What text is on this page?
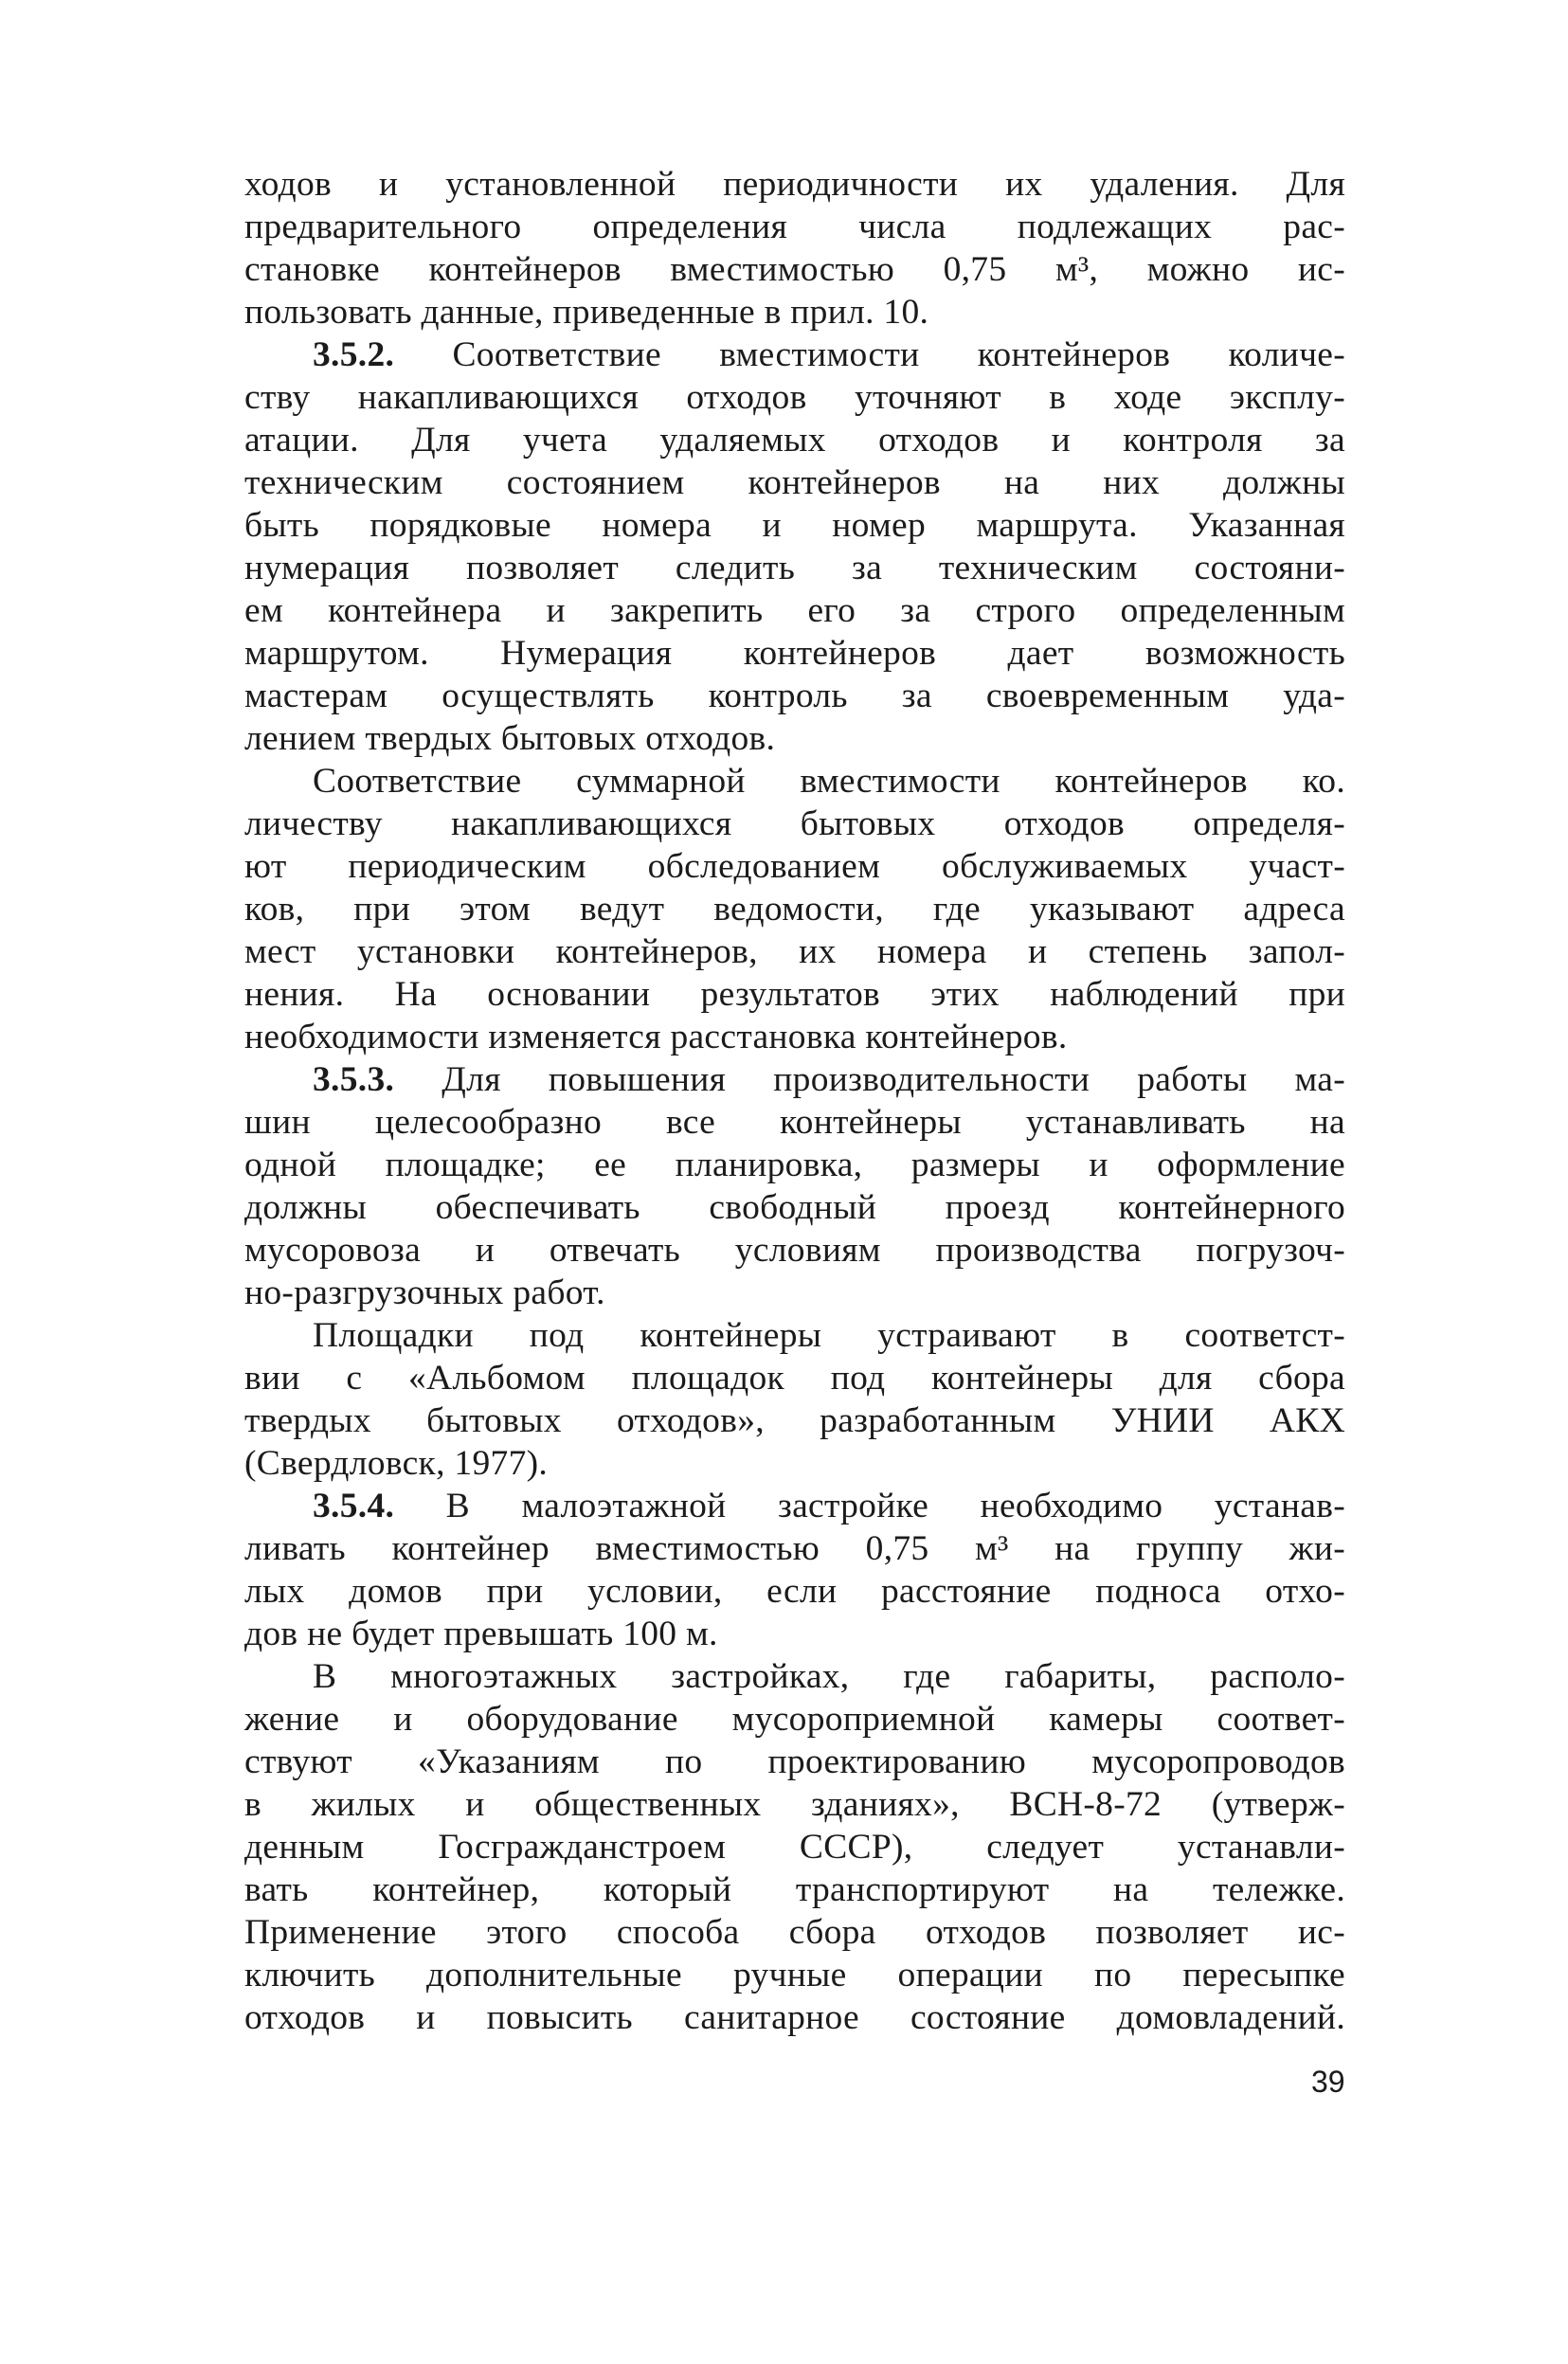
ходов и установленной периодичности их удаления. Для
предварительного определения числа подлежащих рас-
становке контейнеров вместимостью 0,75 м³, можно ис-
пользовать данные, приведенные в прил. 10.
3.5.2. Соответствие вместимости контейнеров количе-
ству накапливающихся отходов уточняют в ходе эксплу-
атации. Для учета удаляемых отходов и контроля за
техническим состоянием контейнеров на них должны
быть порядковые номера и номер маршрута. Указанная
нумерация позволяет следить за техническим состояни-
ем контейнера и закрепить его за строго определенным
маршрутом. Нумерация контейнеров дает возможность
мастерам осуществлять контроль за своевременным уда-
лением твердых бытовых отходов.
Соответствие суммарной вместимости контейнеров ко.
личеству накапливающихся бытовых отходов определя-
ют периодическим обследованием обслуживаемых участ-
ков, при этом ведут ведомости, где указывают адреса
мест установки контейнеров, их номера и степень запол-
нения. На основании результатов этих наблюдений при
необходимости изменяется расстановка контейнеров.
3.5.3. Для повышения производительности работы ма-
шин целесообразно все контейнеры устанавливать на
одной площадке; ее планировка, размеры и оформление
должны обеспечивать свободный проезд контейнерного
мусоровоза и отвечать условиям производства погрузоч-
но-разгрузочных работ.
Площадки под контейнеры устраивают в соответст-
вии с «Альбомом площадок под контейнеры для сбора
твердых бытовых отходов», разработанным УНИИ АКХ
(Свердловск, 1977).
3.5.4. В малоэтажной застройке необходимо устанав-
ливать контейнер вместимостью 0,75 м³ на группу жи-
лых домов при условии, если расстояние подноса отхо-
дов не будет превышать 100 м.
В многоэтажных застройках, где габариты, располо-
жение и оборудование мусороприемной камеры соответ-
ствуют «Указаниям по проектированию мусоропроводов
в жилых и общественных зданиях», ВСН-8-72 (утверж-
денным Госгражданстроем СССР), следует устанавли-
вать контейнер, который транспортируют на тележке.
Применение этого способа сбора отходов позволяет ис-
ключить дополнительные ручные операции по пересыпке
отходов и повысить санитарное состояние домовладений.
39
